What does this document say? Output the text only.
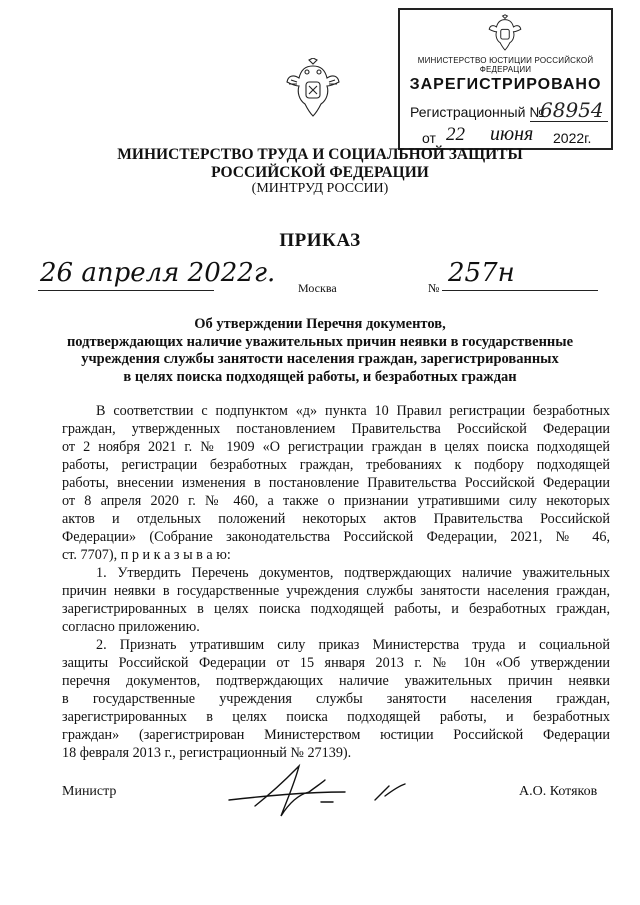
МИНИСТЕРСТВО ЮСТИЦИИ РОССИЙСКОЙ ФЕДЕРАЦИИ
ЗАРЕГИСТРИРОВАНО
Регистрационный №
68954
от 22 июня 2022г.
МИНИСТЕРСТВО ТРУДА И СОЦИАЛЬНОЙ ЗАЩИТЫ
РОССИЙСКОЙ ФЕДЕРАЦИИ
(МИНТРУД РОССИИ)
ПРИКАЗ
26 апреля 2022г. Москва	№ 257н
Об утверждении Перечня документов,
подтверждающих наличие уважительных причин неявки в государственные
учреждения службы занятости населения граждан, зарегистрированных
в целях поиска подходящей работы, и безработных граждан
В соответствии с подпунктом «д» пункта 10 Правил регистрации безработных
граждан, утвержденных постановлением Правительства Российской Федерации
от 2 ноября 2021 г. № 1909 «О регистрации граждан в целях поиска подходящей
работы, регистрации безработных граждан, требованиях к подбору подходящей
работы, внесении изменения в постановление Правительства Российской Федерации
от 8 апреля 2020 г. № 460, а также о признании утратившими силу некоторых
актов и отдельных положений некоторых актов Правительства Российской
Федерации» (Собрание законодательства Российской Федерации, 2021, № 46,
ст. 7707), п р и к а з ы в а ю:
1. Утвердить Перечень документов, подтверждающих наличие уважительных
причин неявки в государственные учреждения службы занятости населения граждан,
зарегистрированных в целях поиска подходящей работы, и безработных граждан,
согласно приложению.
2. Признать утратившим силу приказ Министерства труда и социальной
защиты Российской Федерации от 15 января 2013 г. № 10н «Об утверждении
перечня документов, подтверждающих наличие уважительных причин неявки
в государственные учреждения службы занятости населения граждан,
зарегистрированных в целях поиска подходящей работы, и безработных
граждан» (зарегистрирован Министерством юстиции Российской Федерации
18 февраля 2013 г., регистрационный № 27139).
Министр	А.О. Котяков
